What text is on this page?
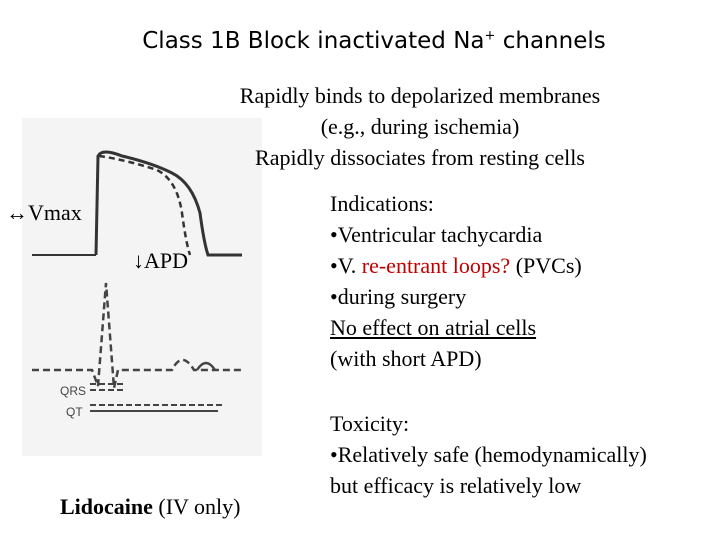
Class 1B Block inactivated Na+ channels
QRS
QT
Rapidly binds to depolarized membranes
(e.g., during ischemia)
Rapidly dissociates from resting cells
↔Vmax
↓APD
Indications:
•Ventricular tachycardia
•V. re-entrant loops? (PVCs)
•during surgery
No effect on atrial cells
(with short APD)
Toxicity:
•Relatively safe (hemodynamically)
but efficacy is relatively low
Lidocaine (IV only)
